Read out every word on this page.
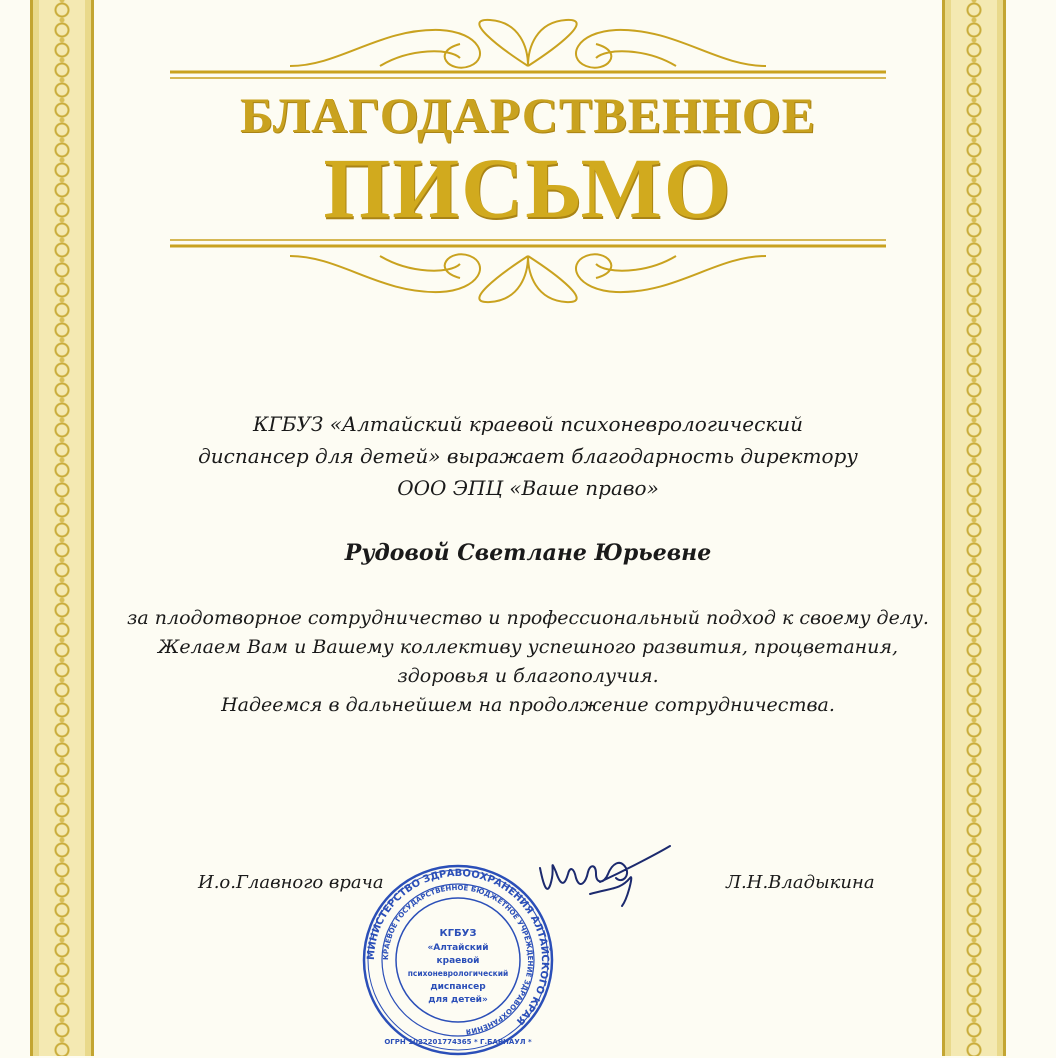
БЛАГОДАРСТВЕННОЕ
ПИСЬМО
КГБУЗ «Алтайский краевой психоневрологический
диспансер для детей» выражает благодарность директору
ООО ЭПЦ «Ваше право»
Рудовой Светлане Юрьевне
за плодотворное сотрудничество и профессиональный подход к своему делу.
Желаем Вам и Вашему коллективу успешного развития, процветания,
здоровья и благополучия.
Надеемся в дальнейшем на продолжение сотрудничества.
И.о.Главного врача	Л.Н.Владыкина
МИНИСТЕРСТВО ЗДРАВООХРАНЕНИЯ АЛТАЙСКОГО КРАЯ
КРАЕВОЕ ГОСУДАРСТВЕННОЕ БЮДЖЕТНОЕ УЧРЕЖДЕНИЕ ЗДРАВООХРАНЕНИЯ
КГБУЗ
«Алтайский
краевой
психоневрологический
диспансер
для детей»
ОГРН 1022201774365 * Г.БАРНАУЛ *
